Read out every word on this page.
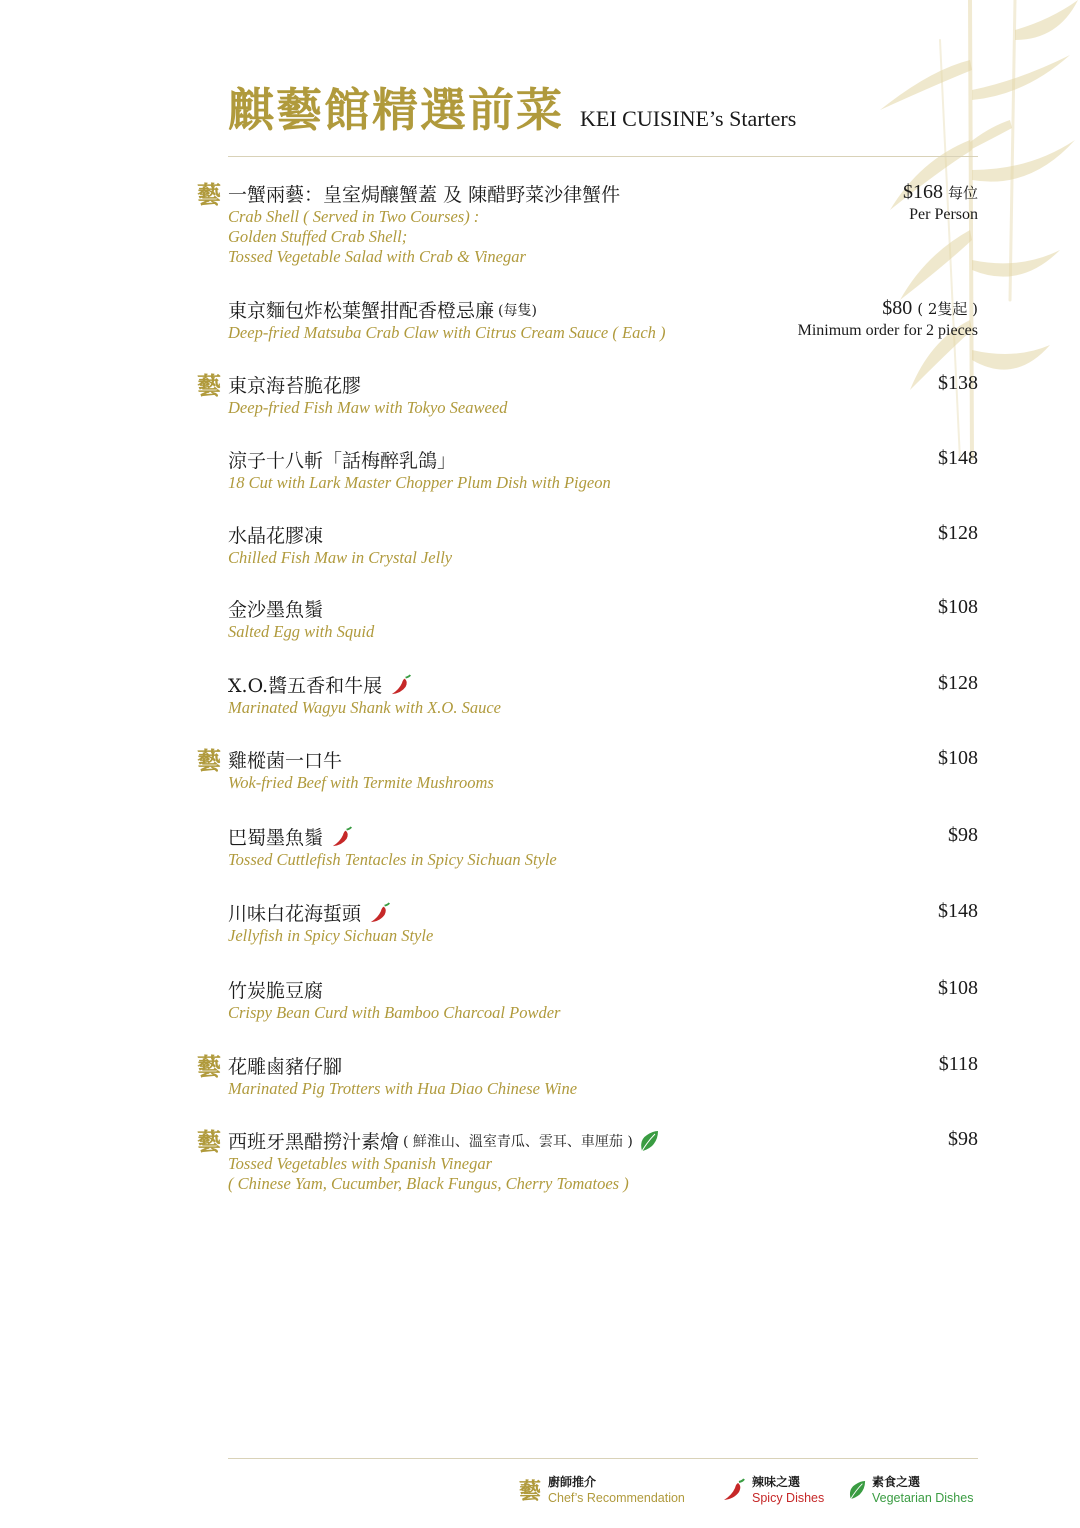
麒藝館精選前菜 KEI CUISINE’s Starters
藝 一蟹兩藝：皇室焗釀蟹蓋 及 陳醋野菜沙律蟹件
Crab Shell ( Served in Two Courses) :
Golden Stuffed Crab Shell;
Tossed Vegetable Salad with Crab & Vinegar
$168 每位
Per Person
東京麵包炸松葉蟹拑配香橙忌廉 (每隻)
Deep-fried Matsuba Crab Claw with Citrus Cream Sauce ( Each )
$80 ( 2隻起 )
Minimum order for 2 pieces
藝 東京海苔脆花膠
Deep-fried Fish Maw with Tokyo Seaweed
$138
涼子十八斬「話梅醉乳鴿」
18 Cut with Lark Master Chopper Plum Dish with Pigeon
$148
水晶花膠凍
Chilled Fish Maw in Crystal Jelly
$128
金沙墨魚鬚
Salted Egg with Squid
$108
X.O.醬五香和牛展
Marinated Wagyu Shank with X.O. Sauce
$128
藝 雞樅菌一口牛
Wok-fried Beef with Termite Mushrooms
$108
巴蜀墨魚鬚
Tossed Cuttlefish Tentacles in Spicy Sichuan Style
$98
川味白花海蜇頭
Jellyfish in Spicy Sichuan Style
$148
竹炭脆豆腐
Crispy Bean Curd with Bamboo Charcoal Powder
$108
藝 花雕鹵豬仔腳
Marinated Pig Trotters with Hua Diao Chinese Wine
$118
藝 西班牙黑醋撈汁素燴 ( 鮮淮山、溫室青瓜、雲耳、車厘茄 )
Tossed Vegetables with Spanish Vinegar
( Chinese Yam, Cucumber, Black Fungus, Cherry Tomatoes )
$98
藝 廚師推介
Chef’s Recommendation
辣味之選
Spicy Dishes
素食之選
Vegetarian Dishes
